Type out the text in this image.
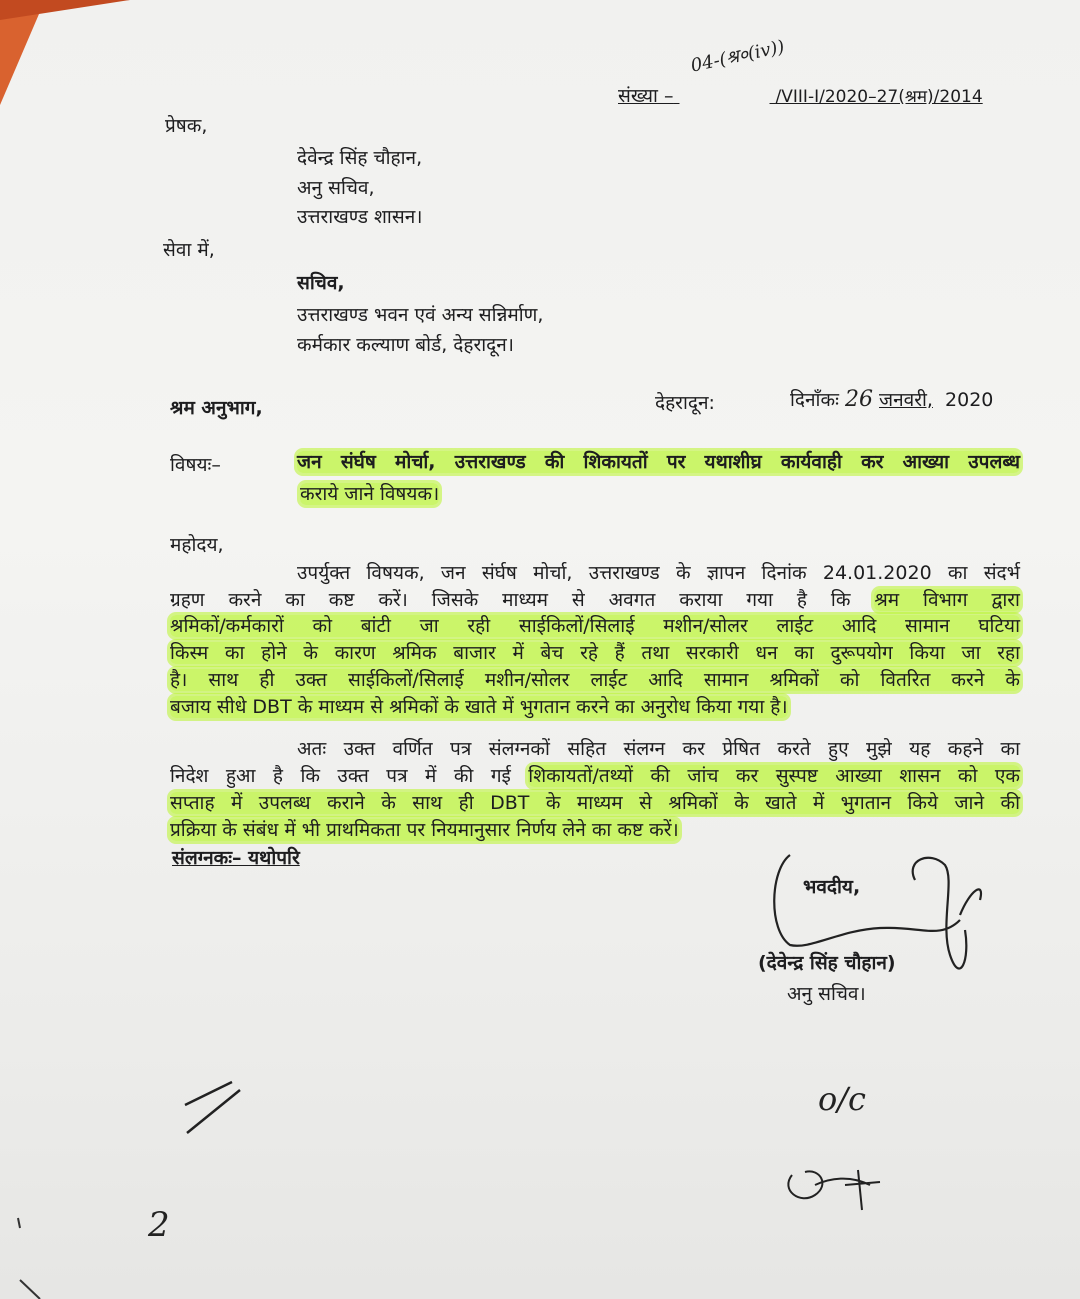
संख्या –	/VIII-I/2020–27(श्रम)/2014
04-(श्र०(iv))
प्रेषक,
देवेन्द्र सिंह चौहान,
अनु सचिव,
उत्तराखण्ड शासन।
सेवा में,
सचिव,
उत्तराखण्ड भवन एवं अन्य सन्निर्माण,
कर्मकार कल्याण बोर्ड, देहरादून।
श्रम अनुभाग,	देहरादून:	दिनाँकः 26 जनवरी, 2020
विषयः–	जन संर्घष मोर्चा, उत्तराखण्ड की शिकायतों पर यथाशीघ्र कार्यवाही कर आख्या उपलब्ध
कराये जाने विषयक।
महोदय,
उपर्युक्त विषयक, जन संर्घष मोर्चा, उत्तराखण्ड के ज्ञापन दिनांक 24.01.2020 का संदर्भ
ग्रहण करने का कष्ट करें। जिसके माध्यम से अवगत कराया गया है कि श्रम विभाग द्वारा
श्रमिकों/कर्मकारों को बांटी जा रही साईकिलों/सिलाई मशीन/सोलर लाईट आदि सामान घटिया
किस्म का होने के कारण श्रमिक बाजार में बेच रहे हैं तथा सरकारी धन का दुरूपयोग किया जा रहा
है। साथ ही उक्त साईकिलों/सिलाई मशीन/सोलर लाईट आदि सामान श्रमिकों को वितरित करने के
बजाय सीधे DBT के माध्यम से श्रमिकों के खाते में भुगतान करने का अनुरोध किया गया है।
अतः उक्त वर्णित पत्र संलग्नकों सहित संलग्न कर प्रेषित करते हुए मुझे यह कहने का
निदेश हुआ है कि उक्त पत्र में की गई शिकायतों/तथ्यों की जांच कर सुस्पष्ट आख्या शासन को एक
सप्ताह में उपलब्ध कराने के साथ ही DBT के माध्यम से श्रमिकों के खाते में भुगतान किये जाने की
प्रक्रिया के संबंध में भी प्राथमिकता पर नियमानुसार निर्णय लेने का कष्ट करें।
संलग्नकः– यथोपरि
भवदीय,
(देवेन्द्र सिंह चौहान)
अनु सचिव।
o/c
2
